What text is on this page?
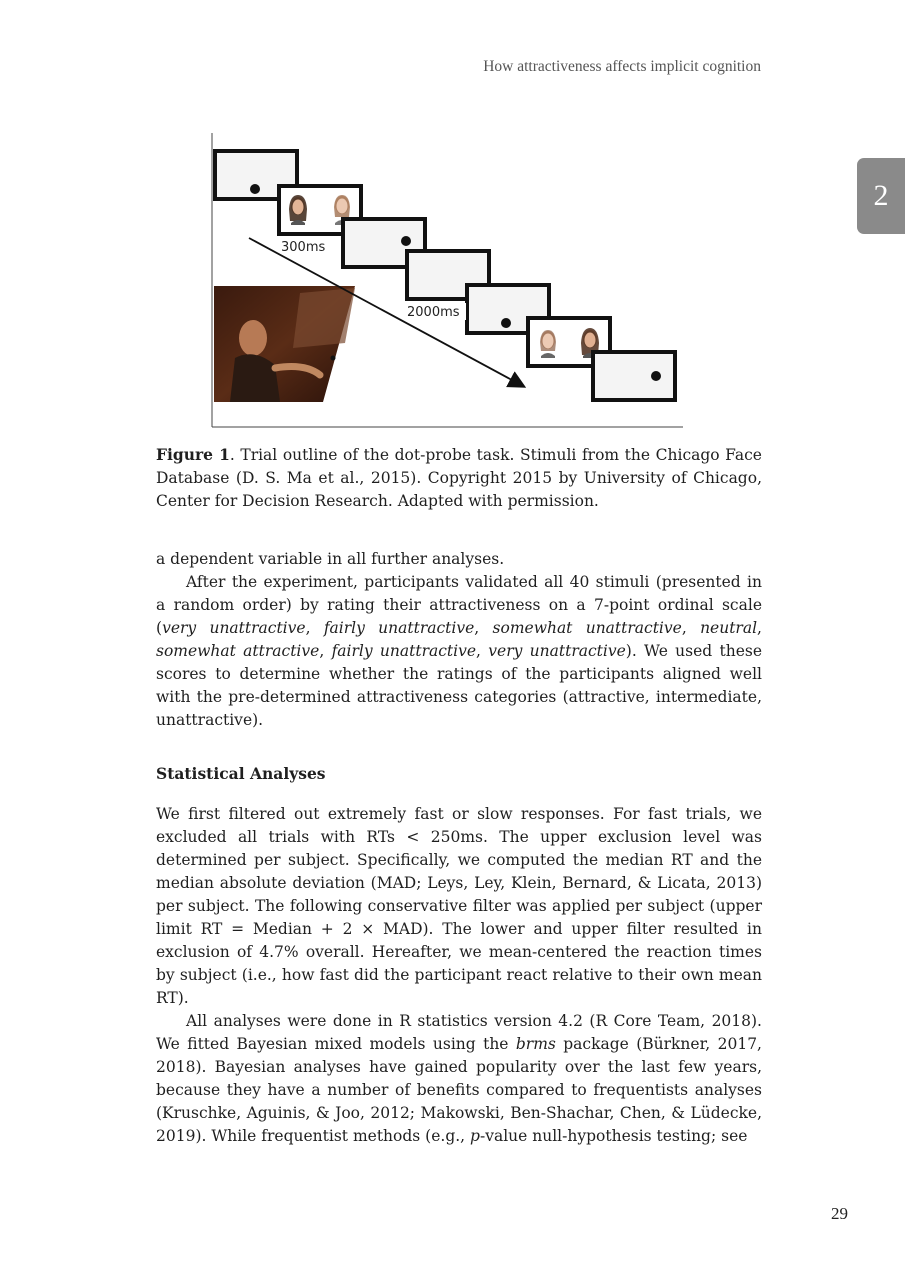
How attractiveness affects implicit cognition
2
300ms
2000ms

Figure 1. Trial outline of the dot-probe task. Stimuli from the Chicago Face Database (D. S. Ma et al., 2015). Copyright 2015 by University of Chicago, Center for Decision Research. Adapted with permission.

a dependent variable in all further analyses.

After the experiment, participants validated all 40 stimuli (presented in a random order) by rating their attractiveness on a 7-point ordinal scale (very unattractive, fairly unattractive, somewhat unattractive, neutral, somewhat attractive, fairly unattractive, very unattractive). We used these scores to determine whether the ratings of the participants aligned well with the pre-determined attractiveness categories (attractive, intermediate, unattractive).

Statistical Analyses

We first filtered out extremely fast or slow responses. For fast trials, we excluded all trials with RTs < 250ms. The upper exclusion level was determined per subject. Specifically, we computed the median RT and the median absolute deviation (MAD; Leys, Ley, Klein, Bernard, & Licata, 2013) per subject. The following conservative filter was applied per subject (upper limit RT = Median + 2 × MAD). The lower and upper filter resulted in exclusion of 4.7% overall. Hereafter, we mean-centered the reaction times by subject (i.e., how fast did the participant react relative to their own mean RT).

All analyses were done in R statistics version 4.2 (R Core Team, 2018). We fitted Bayesian mixed models using the brms package (Bürkner, 2017, 2018). Bayesian analyses have gained popularity over the last few years, because they have a number of benefits compared to frequentists analyses (Kruschke, Aguinis, & Joo, 2012; Makowski, Ben-Shachar, Chen, & Lüdecke, 2019). While frequentist methods (e.g., p-value null-hypothesis testing; see

29
